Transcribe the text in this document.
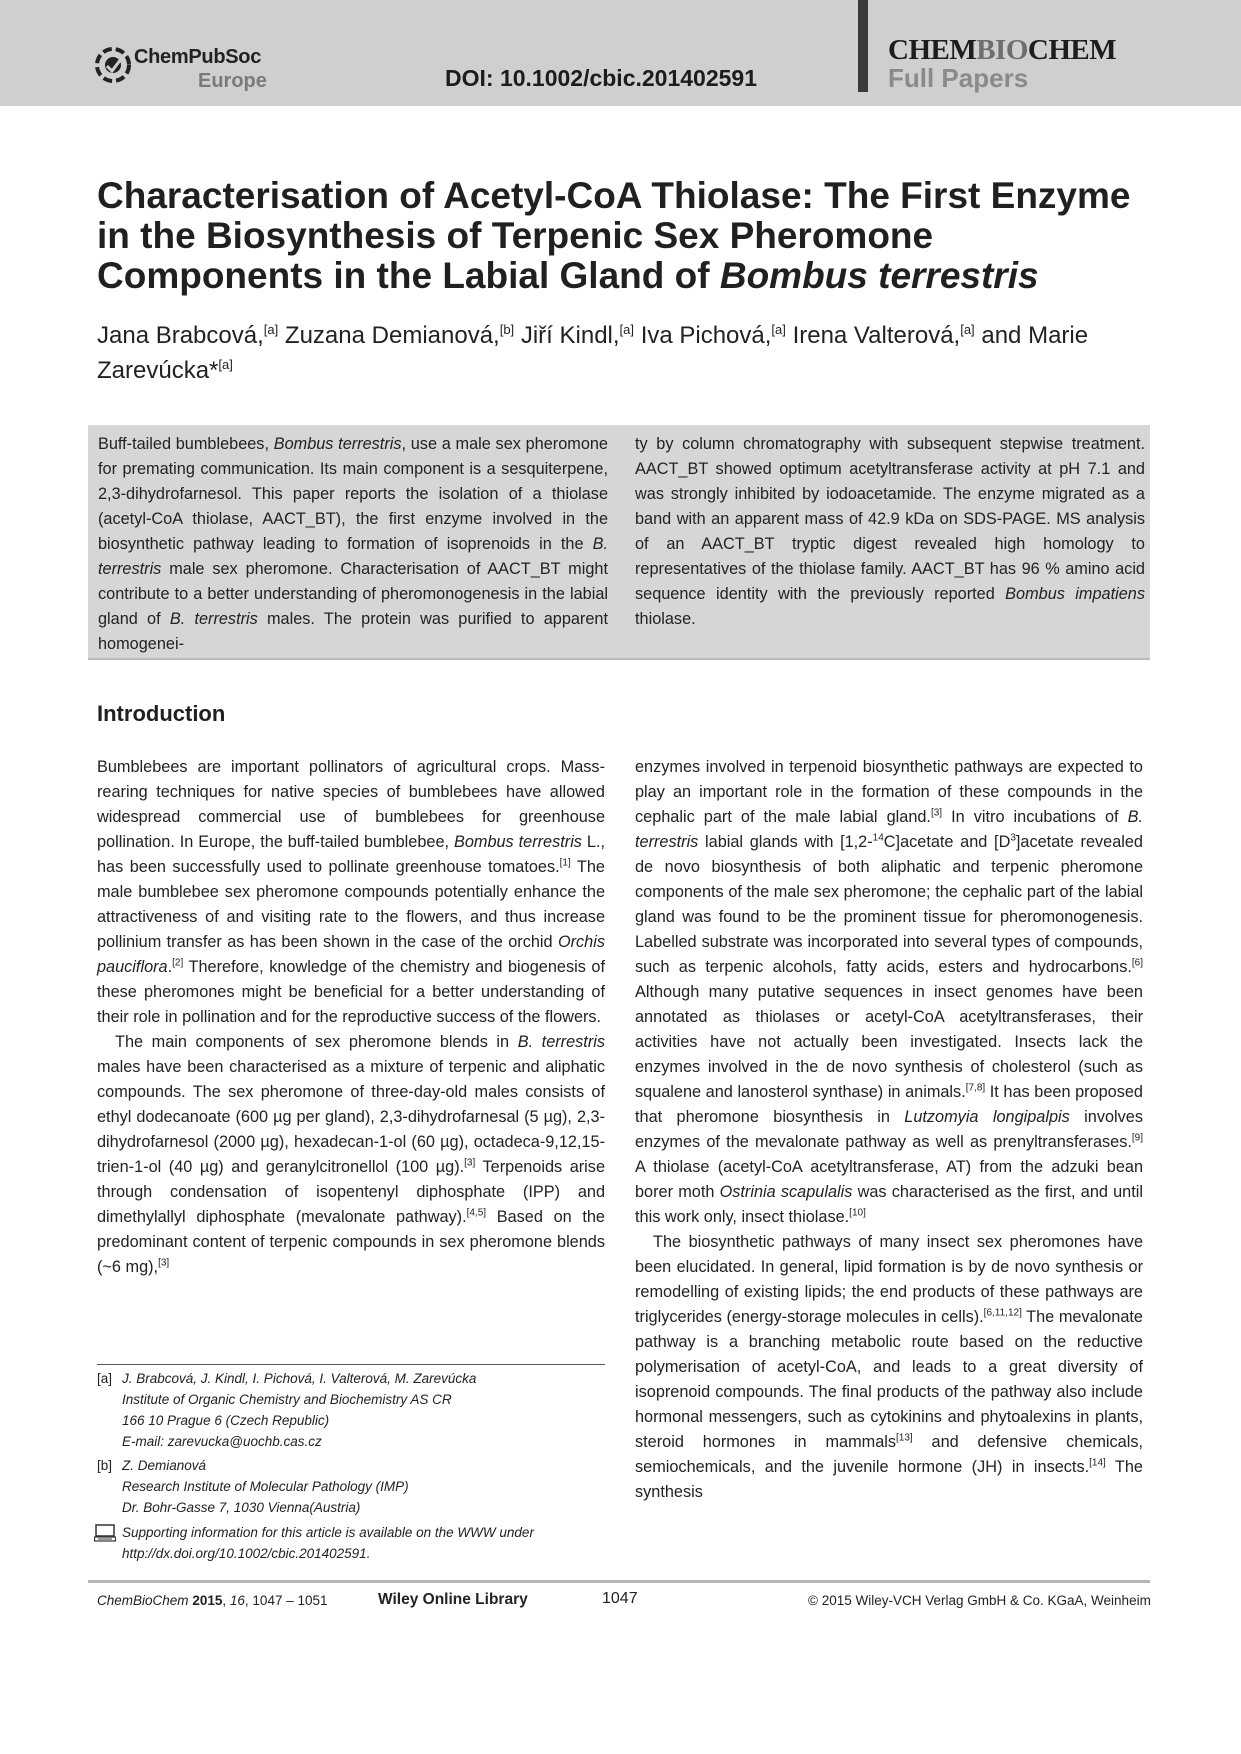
ChemPubSoc
Europe	DOI: 10.1002/cbic.201402591
CHEMBIOCHEM
Full Papers
Characterisation of Acetyl-CoA Thiolase: The First Enzyme in the Biosynthesis of Terpenic Sex Pheromone Components in the Labial Gland of Bombus terrestris
Jana Brabcová,[a] Zuzana Demianová,[b] Jiří Kindl,[a] Iva Pichová,[a] Irena Valterová,[a] and Marie Zarevúcka*[a]

Buff-tailed bumblebees, Bombus terrestris, use a male sex pheromone for premating communication. Its main component is a sesquiterpene, 2,3-dihydrofarnesol. This paper reports the isolation of a thiolase (acetyl-CoA thiolase, AACT_BT), the first enzyme involved in the biosynthetic pathway leading to formation of isoprenoids in the B. terrestris male sex pheromone. Characterisation of AACT_BT might contribute to a better understanding of pheromonogenesis in the labial gland of B. terrestris males. The protein was purified to apparent homogenei-

ty by column chromatography with subsequent stepwise treatment. AACT_BT showed optimum acetyltransferase activity at pH 7.1 and was strongly inhibited by iodoacetamide. The enzyme migrated as a band with an apparent mass of 42.9 kDa on SDS-PAGE. MS analysis of an AACT_BT tryptic digest revealed high homology to representatives of the thiolase family. AACT_BT has 96 % amino acid sequence identity with the previously reported Bombus impatiens thiolase.

Introduction

Bumblebees are important pollinators of agricultural crops. Mass-rearing techniques for native species of bumblebees have allowed widespread commercial use of bumblebees for greenhouse pollination. In Europe, the buff-tailed bumblebee, Bombus terrestris L., has been successfully used to pollinate greenhouse tomatoes.[1] The male bumblebee sex pheromone compounds potentially enhance the attractiveness of and visiting rate to the flowers, and thus increase pollinium transfer as has been shown in the case of the orchid Orchis pauciflora.[2] Therefore, knowledge of the chemistry and biogenesis of these pheromones might be beneficial for a better understanding of their role in pollination and for the reproductive success of the flowers.

The main components of sex pheromone blends in B. terrestris males have been characterised as a mixture of terpenic and aliphatic compounds. The sex pheromone of three-day-old males consists of ethyl dodecanoate (600 µg per gland), 2,3-dihydrofarnesal (5 µg), 2,3-dihydrofarnesol (2000 µg), hexadecan-1-ol (60 µg), octadeca-9,12,15-trien-1-ol (40 µg) and geranylcitronellol (100 µg).[3] Terpenoids arise through condensation of isopentenyl diphosphate (IPP) and dimethylallyl diphosphate (mevalonate pathway).[4,5] Based on the predominant content of terpenic compounds in sex pheromone blends (~6 mg),[3]

enzymes involved in terpenoid biosynthetic pathways are expected to play an important role in the formation of these compounds in the cephalic part of the male labial gland.[3] In vitro incubations of B. terrestris labial glands with [1,2-$^{14}$C]acetate and $[D^3]acetate$ revealed de novo biosynthesis of both aliphatic and terpenic pheromone components of the male sex pheromone; the cephalic part of the labial gland was found to be the prominent tissue for pheromonogenesis. Labelled substrate was incorporated into several types of compounds, such as terpenic alcohols, fatty acids, esters and hydrocarbons.[6] Although many putative sequences in insect genomes have been annotated as thiolases or acetyl-CoA acetyltransferases, their activities have not actually been investigated. Insects lack the enzymes involved in the de novo synthesis of cholesterol (such as squalene and lanosterol synthase) in animals.[7,8] It has been proposed that pheromone biosynthesis in Lutzomyia longipalpis involves enzymes of the mevalonate pathway as well as prenyltransferases.[9] A thiolase (acetyl-CoA acetyltransferase, AT) from the adzuki bean borer moth Ostrinia scapulalis was characterised as the first, and until this work only, insect thiolase.[10]

The biosynthetic pathways of many insect sex pheromones have been elucidated. In general, lipid formation is by de novo synthesis or remodelling of existing lipids; the end products of these pathways are triglycerides (energy-storage molecules in cells).[6,11,12] The mevalonate pathway is a branching metabolic route based on the reductive polymerisation of acetyl-CoA, and leads to a great diversity of isoprenoid compounds. The final products of the pathway also include hormonal messengers, such as cytokinins and phytoalexins in plants, steroid hormones in mammals[13] and defensive chemicals, semiochemicals, and the juvenile hormone (JH) in insects.[14] The synthesis

[a] J. Brabcová, J. Kindl, I. Pichová, I. Valterová, M. Zarevúcka
Institute of Organic Chemistry and Biochemistry AS CR
166 10 Prague 6 (Czech Republic)
E-mail: zarevucka@uochb.cas.cz
[b] Z. Demianová
Research Institute of Molecular Pathology (IMP)
Dr. Bohr-Gasse 7, 1030 Vienna(Austria)
Supporting information for this article is available on the WWW under
http://dx.doi.org/10.1002/cbic.201402591.
ChemBioChem 2015, 16, 1047 – 1051	Wiley Online Library	1047	© 2015 Wiley-VCH Verlag GmbH & Co. KGaA, Weinheim
